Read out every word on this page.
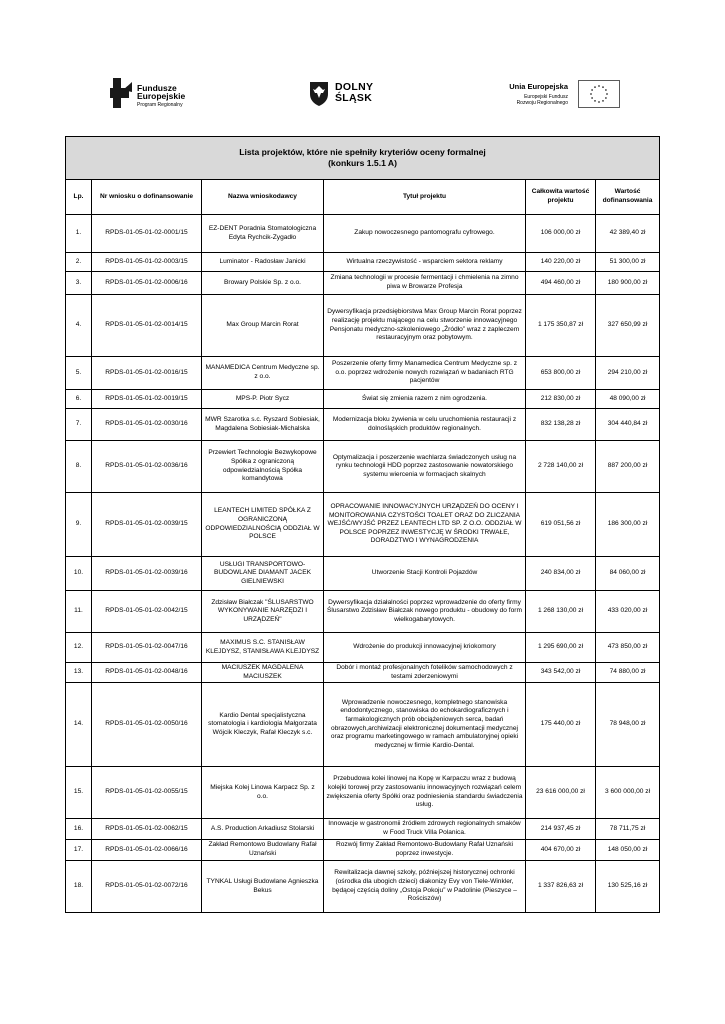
Fundusze
Europejskie
Program Regionalny
DOLNY
ŚLĄSK
Unia Europejska
Europejski Fundusz
Rozwoju Regionalnego
Lista projektów, które nie spełniły kryteriów oceny formalnej
(konkurs 1.5.1 A)					
Lp.	Nr wniosku o dofinansowanie	Nazwa wnioskodawcy	Tytuł projektu	Całkowita wartość projektu	Wartość dofinansowania
1.	RPDS-01-05-01-02-0001/15	EZ-DENT Poradnia Stomatologiczna Edyta Rychcik-Zygadło	Zakup nowoczesnego pantomografu cyfrowego.	106 000,00 zł	42 389,40 zł
2.	RPDS-01-05-01-02-0003/15	Luminator - Radosław Janicki	Wirtualna rzeczywistość - wsparciem sektora reklamy	140 220,00 zł	51 300,00 zł
3.	RPDS-01-05-01-02-0006/16	Browary Polskie Sp. z o.o.	Zmiana technologii w procesie fermentacji i chmielenia na zimno piwa w Browarze Profesja	494 460,00 zł	180 900,00 zł
4.	RPDS-01-05-01-02-0014/15	Max Group Marcin Rorat	Dywersyfikacja przedsiębiorstwa Max Group Marcin Rorat poprzez realizację projektu mającego na celu stworzenie innowacyjnego Pensjonatu medyczno-szkoleniowego „Źródło” wraz z zapleczem restauracyjnym oraz pobytowym.	1 175 350,87 zł	327 650,99 zł
5.	RPDS-01-05-01-02-0016/15	MANAMEDICA Centrum Medyczne sp. z o.o.	Poszerzenie oferty firmy Manamedica Centrum Medyczne sp. z o.o. poprzez wdrożenie nowych rozwiązań w badaniach RTG pacjentów	653 800,00 zł	294 210,00 zł
6.	RPDS-01-05-01-02-0019/15	MPS-P. Piotr Sycz	Świat się zmienia razem z nim ogrodzenia.	212 830,00 zł	48 090,00 zł
7.	RPDS-01-05-01-02-0030/16	MWR Szarotka s.c. Ryszard Sobiesiak, Magdalena Sobiesiak-Michalska	Modernizacja bloku żywienia w celu uruchomienia restauracji z dolnośląskich produktów regionalnych.	832 138,28 zł	304 440,84 zł
8.	RPDS-01-05-01-02-0036/16	Przewiert Technologie Bezwykopowe Spółka z ograniczoną odpowiedzialnością Spółka komandytowa	Optymalizacja i poszerzenie wachlarza świadczonych usług na rynku technologii HDD poprzez zastosowanie nowatorskiego systemu wiercenia w formacjach skalnych	2 728 140,00 zł	887 200,00 zł
9.	RPDS-01-05-01-02-0039/15	LEANTECH LIMITED SPÓŁKA Z OGRANICZONĄ ODPOWIEDZIALNOŚCIĄ ODDZIAŁ W POLSCE	OPRACOWANIE INNOWACYJNYCH URZĄDZEŃ DO OCENY I MONITOROWANIA CZYSTOŚCI TOALET ORAZ DO ZLICZANIA WEJŚĆ/WYJŚĆ PRZEZ LEANTECH LTD SP. Z O.O. ODDZIAŁ W POLSCE POPRZEZ INWESTYCJĘ W ŚRODKI TRWAŁE, DORADZTWO I WYNAGRODZENIA	619 051,56 zł	186 300,00 zł
10.	RPDS-01-05-01-02-0039/16	USŁUGI TRANSPORTOWO-BUDOWLANE DIAMANT JACEK GIELNIEWSKI	Utworzenie Stacji Kontroli Pojazdów	240 834,00 zł	84 060,00 zł
11.	RPDS-01-05-01-02-0042/15	Zdzisław Białczak "ŚLUSARSTWO WYKONYWANIE NARZĘDZI I URZĄDZEŃ"	Dywersyfikacja działalności poprzez wprowadzenie do oferty firmy Ślusarstwo Zdzisław Białczak nowego produktu - obudowy do form wielkogabarytowych.	1 268 130,00 zł	433 020,00 zł
12.	RPDS-01-05-01-02-0047/16	MAXIMUS S.C. STANISŁAW KLEJDYSZ, STANISŁAWA KLEJDYSZ	Wdrożenie do produkcji innowacyjnej kriokomory	1 295 690,00 zł	473 850,00 zł
13.	RPDS-01-05-01-02-0048/16	MACIUSZEK MAGDALENA MACIUSZEK	Dobór i montaż profesjonalnych fotelików samochodowych z testami zderzeniowymi	343 542,00 zł	74 880,00 zł
14.	RPDS-01-05-01-02-0050/16	Kardio Dental specjalistyczna stomatologia i kardiologia Małgorzata Wójcik Kleczyk, Rafał Kleczyk s.c.	Wprowadzenie nowoczesnego, kompletnego stanowiska endodontycznego, stanowiska do echokardiograficznych i farmakologicznych prób obciążeniowych serca, badań obrazowych,archiwizacji elektronicznej dokumentacji medycznej oraz programu marketingowego w ramach ambulatoryjnej opieki medycznej w firmie Kardio-Dental.	175 440,00 zł	78 948,00 zł
15.	RPDS-01-05-01-02-0055/15	Miejska Kolej Linowa Karpacz Sp. z o.o.	Przebudowa kolei linowej na Kopę w Karpaczu wraz z budową kolejki torowej przy zastosowaniu innowacyjnych rozwiązań celem zwiększenia oferty Spółki oraz podniesienia standardu świadczenia usług.	23 616 000,00 zł	3 600 000,00 zł
16.	RPDS-01-05-01-02-0062/15	A.S. Production Arkadiusz Stolarski	Innowacje w gastronomii źródłem zdrowych regionalnych smaków w Food Truck Villa Polanica.	214 937,45 zł	78 711,75 zł
17.	RPDS-01-05-01-02-0066/16	Zakład Remontowo Budowlany Rafał Uznański	Rozwój firmy Zakład Remontowo-Budowlany Rafał Uznański poprzez inwestycje.	404 670,00 zł	148 050,00 zł
18.	RPDS-01-05-01-02-0072/16	TYNKAL Usługi Budowlane Agnieszka Bekus	Rewitalizacja dawnej szkoły, późniejszej historycznej ochronki (ośrodka dla ubogich dzieci) diakonizy Evy von Tiele-Winkler, będącej częścią doliny „Ostoja Pokoju” w Padolinie (Pieszyce – Rościszów)	1 337 826,63 zł	130 525,16 zł
